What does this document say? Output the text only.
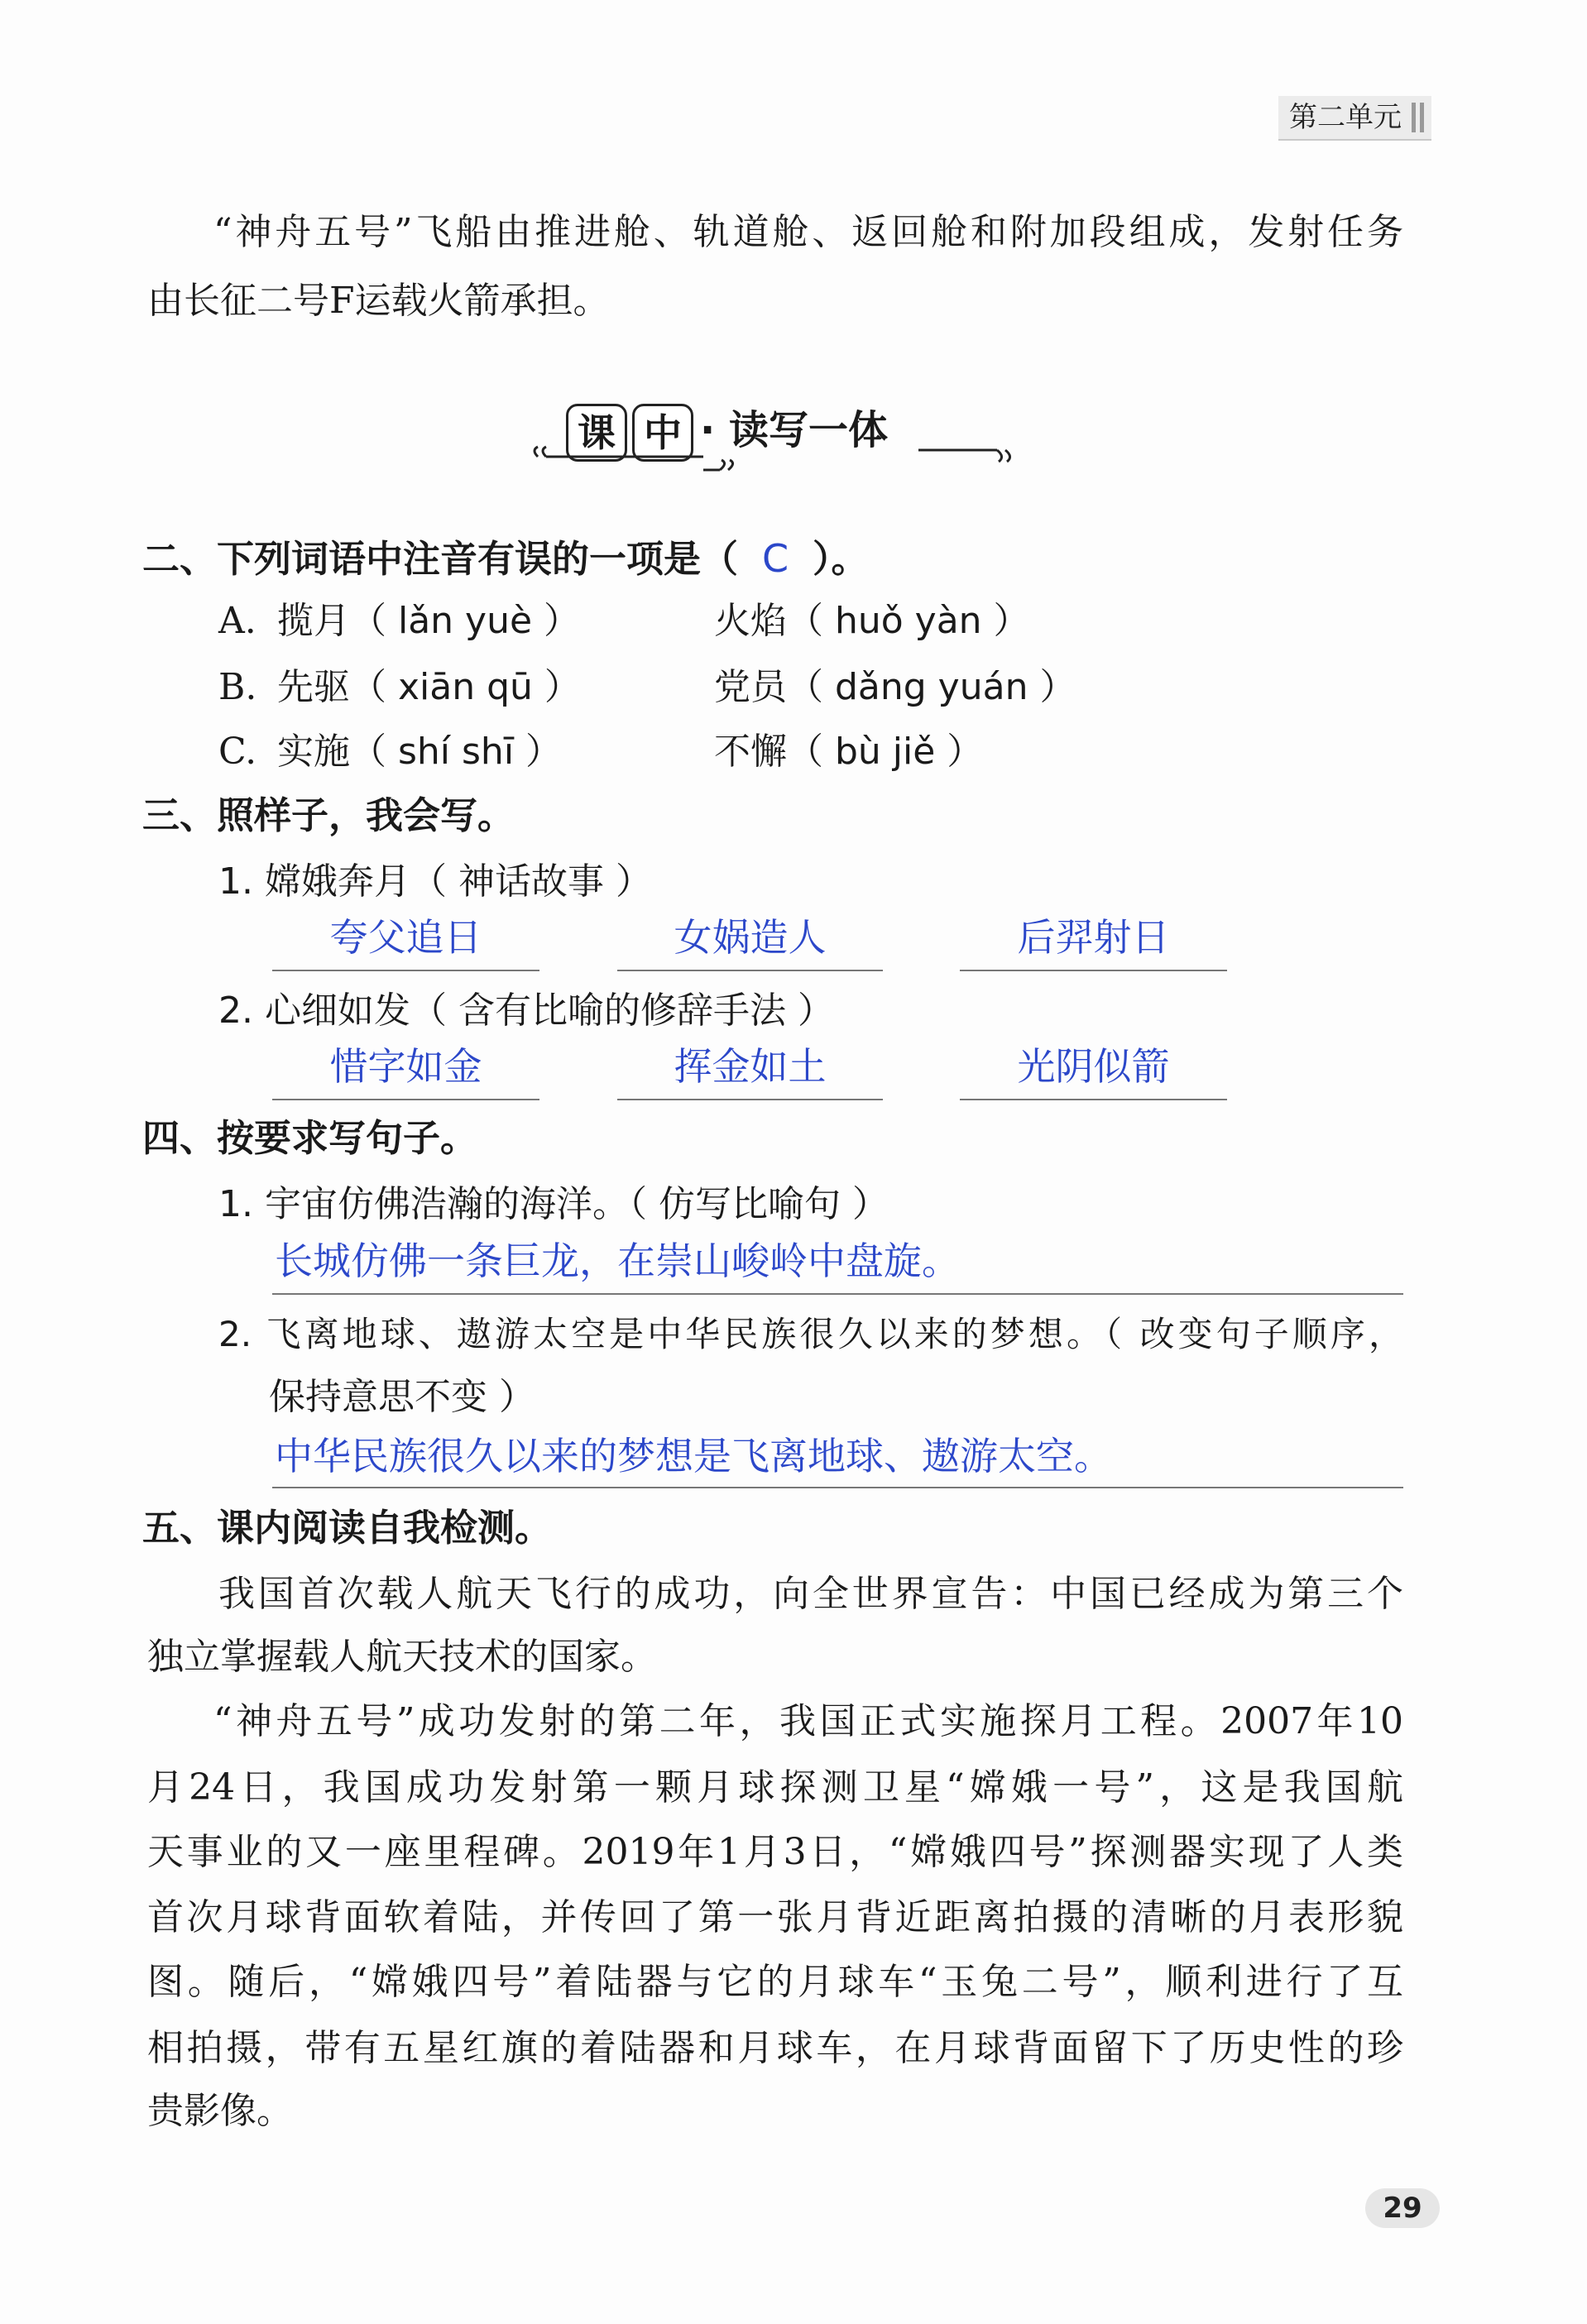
第二单元
“神舟五号”飞船由推进舱、轨道舱、返回舱和附加段组成，发射任务
由长征二号F运载火箭承担。
课 中 · 读写一体
二、下列词语中注音有误的一项是（ C ）。
A. 揽月（ lǎn yuè ）	火焰（ huǒ yàn ）
B. 先驱（ xiān qū ）	党员（ dǎng yuán ）
C. 实施（ shí shī ）	不懈（ bù jiě ）
三、照样子，我会写。
1. 嫦娥奔月（ 神话故事 ）
夸父追日	女娲造人	后羿射日
2. 心细如发（ 含有比喻的修辞手法 ）
惜字如金	挥金如土	光阴似箭
四、按要求写句子。
1. 宇宙仿佛浩瀚的海洋。（ 仿写比喻句 ）
长城仿佛一条巨龙，在崇山峻岭中盘旋。
2. 飞离地球、遨游太空是中华民族很久以来的梦想。（ 改变句子顺序，
保持意思不变 ）
中华民族很久以来的梦想是飞离地球、遨游太空。
五、课内阅读自我检测。
我国首次载人航天飞行的成功，向全世界宣告：中国已经成为第三个
独立掌握载人航天技术的国家。
“神舟五号”成功发射的第二年，我国正式实施探月工程。2007年10
月24日，我国成功发射第一颗月球探测卫星“嫦娥一号”，这是我国航
天事业的又一座里程碑。2019年1月3日，“嫦娥四号”探测器实现了人类
首次月球背面软着陆，并传回了第一张月背近距离拍摄的清晰的月表形貌
图。随后，“嫦娥四号”着陆器与它的月球车“玉兔二号”，顺利进行了互
相拍摄，带有五星红旗的着陆器和月球车，在月球背面留下了历史性的珍
贵影像。
29
